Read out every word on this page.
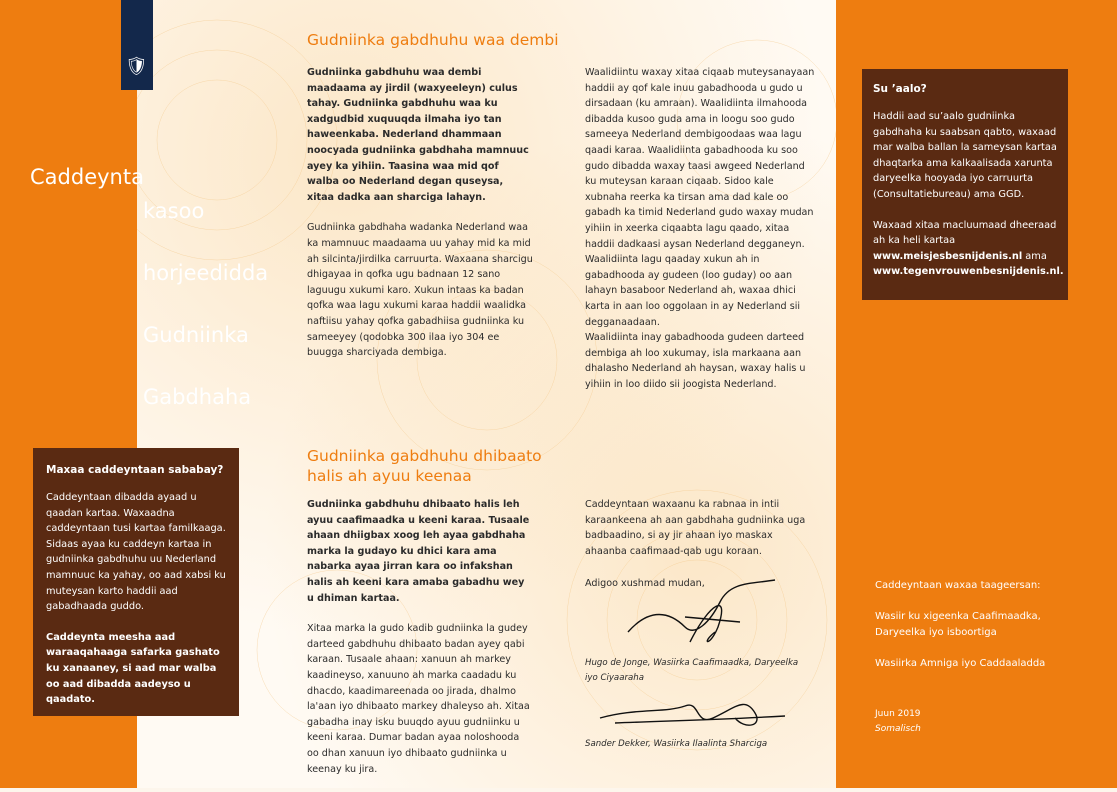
🛡
Caddeynta

kasoo

horjeedidda

Gudniinka

Gabdhaha

Gudniinka gabdhuhu waa dembi

Gudniinka gabdhuhu waa dembi maadaama ay jirdil (waxyeeleyn) culus tahay. Gudniinka gabdhuhu waa ku xadgudbid xuquuqda ilmaha iyo tan haweenkaba. Nederland dhammaan noocyada gudniinka gabdhaha mamnuuc ayey ka yihiin. Taasina waa mid qof walba oo Nederland degan quseysa, xitaa dadka aan sharciga lahayn.

Gudniinka gabdhaha wadanka Nederland waa ka mamnuuc maadaama uu yahay mid ka mid ah silcinta/jirdilka carruurta. Waxaana sharcigu dhigayaa in qofka ugu badnaan 12 sano laguugu xukumi karo. Xukun intaas ka badan qofka waa lagu xukumi karaa haddii waalidka naftiisu yahay qofka gabadhiisa gudniinka ku sameeyey (qodobka 300 ilaa iyo 304 ee buugga sharciyada dembiga.

Waalidiintu waxay xitaa ciqaab muteysanayaan haddii ay qof kale inuu gabadhooda u gudo u dirsadaan (ku amraan). Waalidiinta ilmahooda dibadda kusoo guda ama in loogu soo gudo sameeya Nederland dembigoodaas waa lagu qaadi karaa. Waalidiinta gabadhooda ku soo gudo dibadda waxay taasi awgeed Nederland ku muteysan karaan ciqaab. Sidoo kale xubnaha reerka ka tirsan ama dad kale oo gabadh ka timid Nederland gudo waxay mudan yihiin in xeerka ciqaabta lagu qaado, xitaa haddii dadkaasi aysan Nederland degganeyn. Waalidiinta lagu qaaday xukun ah in gabadhooda ay gudeen (loo guday) oo aan lahayn basaboor Nederland ah, waxaa dhici karta in aan loo oggolaan in ay Nederland sii degganaadaan.

Waalidiinta inay gabadhooda gudeen darteed dembiga ah loo xukumay, isla markaana aan dhalasho Nederland ah haysan, waxay halis u yihiin in loo diido sii joogista Nederland.

Gudniinka gabdhuhu dhibaato halis ah ayuu keenaa

Gudniinka gabdhuhu dhibaato halis leh ayuu caafimaadka u keeni karaa. Tusaale ahaan dhiigbax xoog leh ayaa gabdhaha marka la gudayo ku dhici kara ama nabarka ayaa jirran kara oo infakshan halis ah keeni kara amaba gabadhu wey u dhiman kartaa.

Xitaa marka la gudo kadib gudniinka la gudey darteed gabdhuhu dhibaato badan ayey qabi karaan. Tusaale ahaan: xanuun ah markey kaadineyso, xanuuno ah marka caadadu ku dhacdo, kaadimareenada oo jirada, dhalmo la'aan iyo dhibaato markey dhaleyso ah. Xitaa gabadha inay isku buuqdo ayuu gudniinku u keeni karaa. Dumar badan ayaa noloshooda oo dhan xanuun iyo dhibaato gudniinka u keenay ku jira.

Caddeyntaan waxaanu ka rabnaa in intii karaankeena ah aan gabdhaha gudniinka uga badbaadino, si ay jir ahaan iyo maskax ahaanba caafimaad-qab ugu koraan.

Adigoo xushmad mudan,
Hugo de Jonge, Wasiirka Caafimaadka, Daryeelka iyo Ciyaaraha
Sander Dekker, Wasiirka Ilaalinta Sharciga
Maxaa caddeyntaan sababay?

Caddeyntaan dibadda ayaad u qaadan kartaa. Waxaadna caddeyntaan tusi kartaa familkaaga. Sidaas ayaa ku caddeyn kartaa in gudniinka gabdhuhu uu Nederland mamnuuc ka yahay, oo aad xabsi ku muteysan karto haddii aad gabadhaada guddo.

Caddeynta meesha aad waraaqahaaga safarka gashato ku xanaaney, si aad mar walba oo aad dibadda aadeyso u qaadato.

Su ’aalo?

Haddii aad su’aalo gudniinka gabdhaha ku saabsan qabto, waxaad mar walba ballan la sameysan kartaa dhaqtarka ama kalkaalisada xarunta daryeelka hooyada iyo carruurta (Consultatiebureau) ama GGD.

Waxaad xitaa macluumaad dheeraad ah ka heli kartaa www.meisjesbesnijdenis.nl ama www.tegenvrouwenbesnijdenis.nl.

Caddeyntaan waxaa taageersan:
Wasiir ku xigeenka Caafimaadka,
Daryeelka iyo isboortiga
Wasiirka Amniga iyo Caddaaladda
Juun 2019
Somalisch
